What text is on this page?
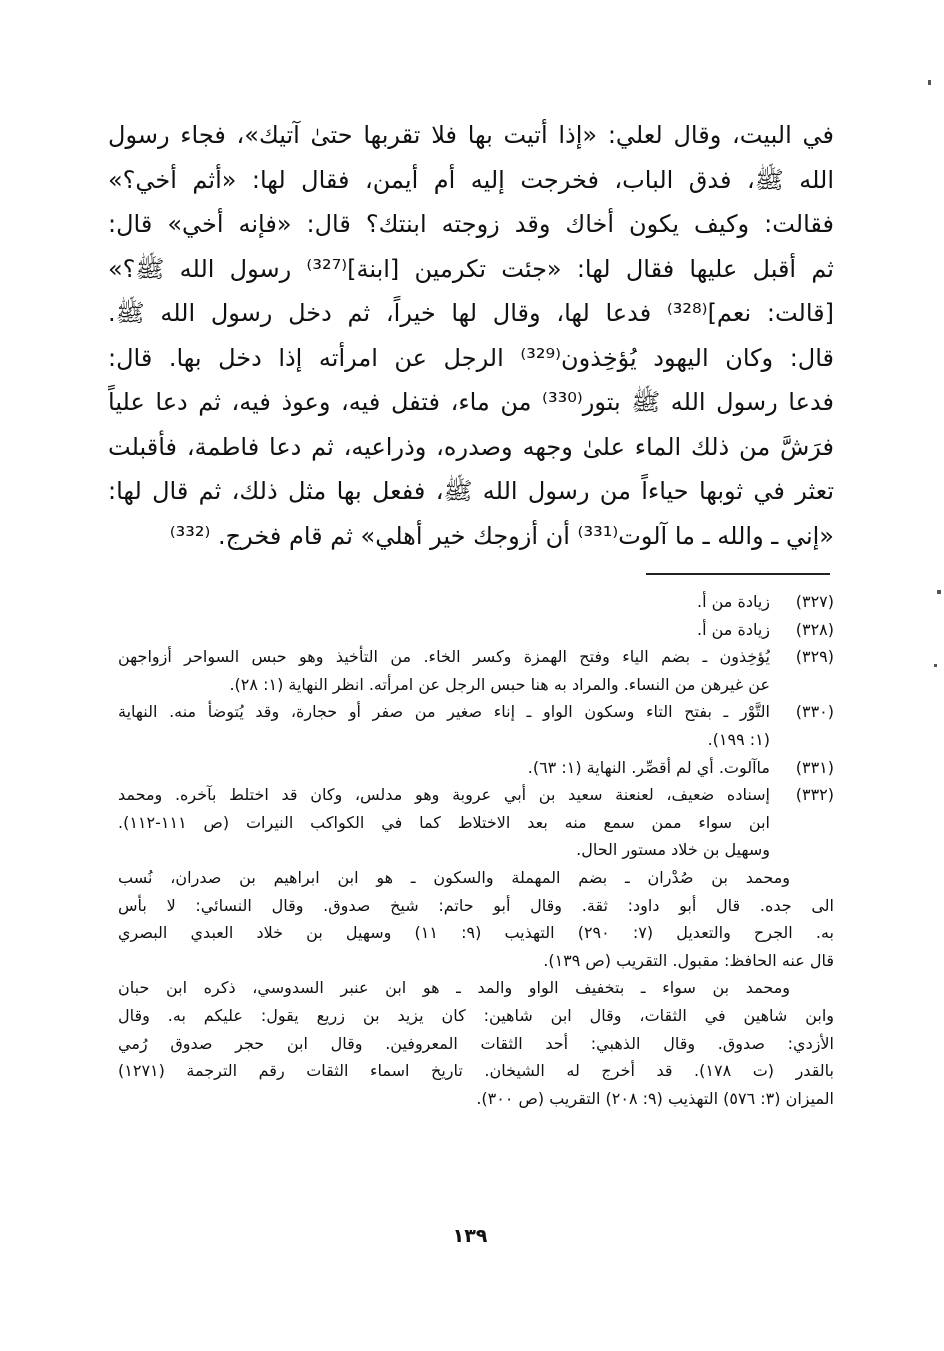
في البيت، وقال لعلي: «إذا أتيت بها فلا تقربها حتىٰ آتيك»، فجاء رسول
الله ﷺ، فدق الباب، فخرجت إليه أم أيمن، فقال لها: «أثم أخي؟»
فقالت: وكيف يكون أخاك وقد زوجته ابنتك؟ قال: «فإنه أخي» قال:
ثم أقبل عليها فقال لها: «جئت تكرمين [ابنة]⁽³²⁷⁾ رسول الله ﷺ؟»
[قالت: نعم]⁽³²⁸⁾ فدعا لها، وقال لها خيراً، ثم دخل رسول الله ﷺ.
قال: وكان اليهود يُؤخِذون⁽³²⁹⁾ الرجل عن امرأته إذا دخل بها. قال:
فدعا رسول الله ﷺ بتور⁽³³⁰⁾ من ماء، فتفل فيه، وعوذ فيه، ثم دعا علياً
فرَشَّ من ذلك الماء علىٰ وجهه وصدره، وذراعيه، ثم دعا فاطمة، فأقبلت
تعثر في ثوبها حياءاً من رسول الله ﷺ، ففعل بها مثل ذلك، ثم قال لها:
«إني ـ والله ـ ما آلوت⁽³³¹⁾ أن أزوجك خير أهلي» ثم قام فخرج. ⁽³³²⁾
(٣٢٧)
زيادة من أ.
(٣٢٨)
زيادة من أ.
(٣٢٩)
يُؤخِذون ـ بضم الياء وفتح الهمزة وكسر الخاء. من التأخيذ وهو حبس السواحر أزواجهن
عن غيرهن من النساء. والمراد به هنا حبس الرجل عن امرأته. انظر النهاية (١: ٢٨).
(٣٣٠)
التَّوْر ـ بفتح التاء وسكون الواو ـ إناء صغير من صفر أو حجارة، وقد يُتوضأ منه. النهاية
(١: ١٩٩).
(٣٣١)
ماآلوت. أي لم أقصِّر. النهاية (١: ٦٣).
(٣٣٢)
إسناده ضعيف، لعنعنة سعيد بن أبي عروبة وهو مدلس، وكان قد اختلط بآخره. ومحمد
ابن سواء ممن سمع منه بعد الاختلاط كما في الكواكب النيرات (ص ١١١-١١٢).
وسهيل بن خلاد مستور الحال.
ومحمد بن صُدْران ـ بضم المهملة والسكون ـ هو ابن ابراهيم بن صدران، نُسب
الى جده. قال أبو داود: ثقة. وقال أبو حاتم: شيخ صدوق. وقال النسائي: لا بأس
به. الجرح والتعديل (٧: ٢٩٠) التهذيب (٩: ١١) وسهيل بن خلاد العبدي البصري
قال عنه الحافظ: مقبول. التقريب (ص ١٣٩).
ومحمد بن سواء ـ بتخفيف الواو والمد ـ هو ابن عنبر السدوسي، ذكره ابن حبان
وابن شاهين في الثقات، وقال ابن شاهين: كان يزيد بن زريع يقول: عليكم به. وقال
الأزدي: صدوق. وقال الذهبي: أحد الثقات المعروفين. وقال ابن حجر صدوق رُمي
بالقدر (ت ١٧٨). قد أخرج له الشيخان. تاريخ اسماء الثقات رقم الترجمة (١٢٧١)
الميزان (٣: ٥٧٦) التهذيب (٩: ٢٠٨) التقريب (ص ٣٠٠).
١٣٩
